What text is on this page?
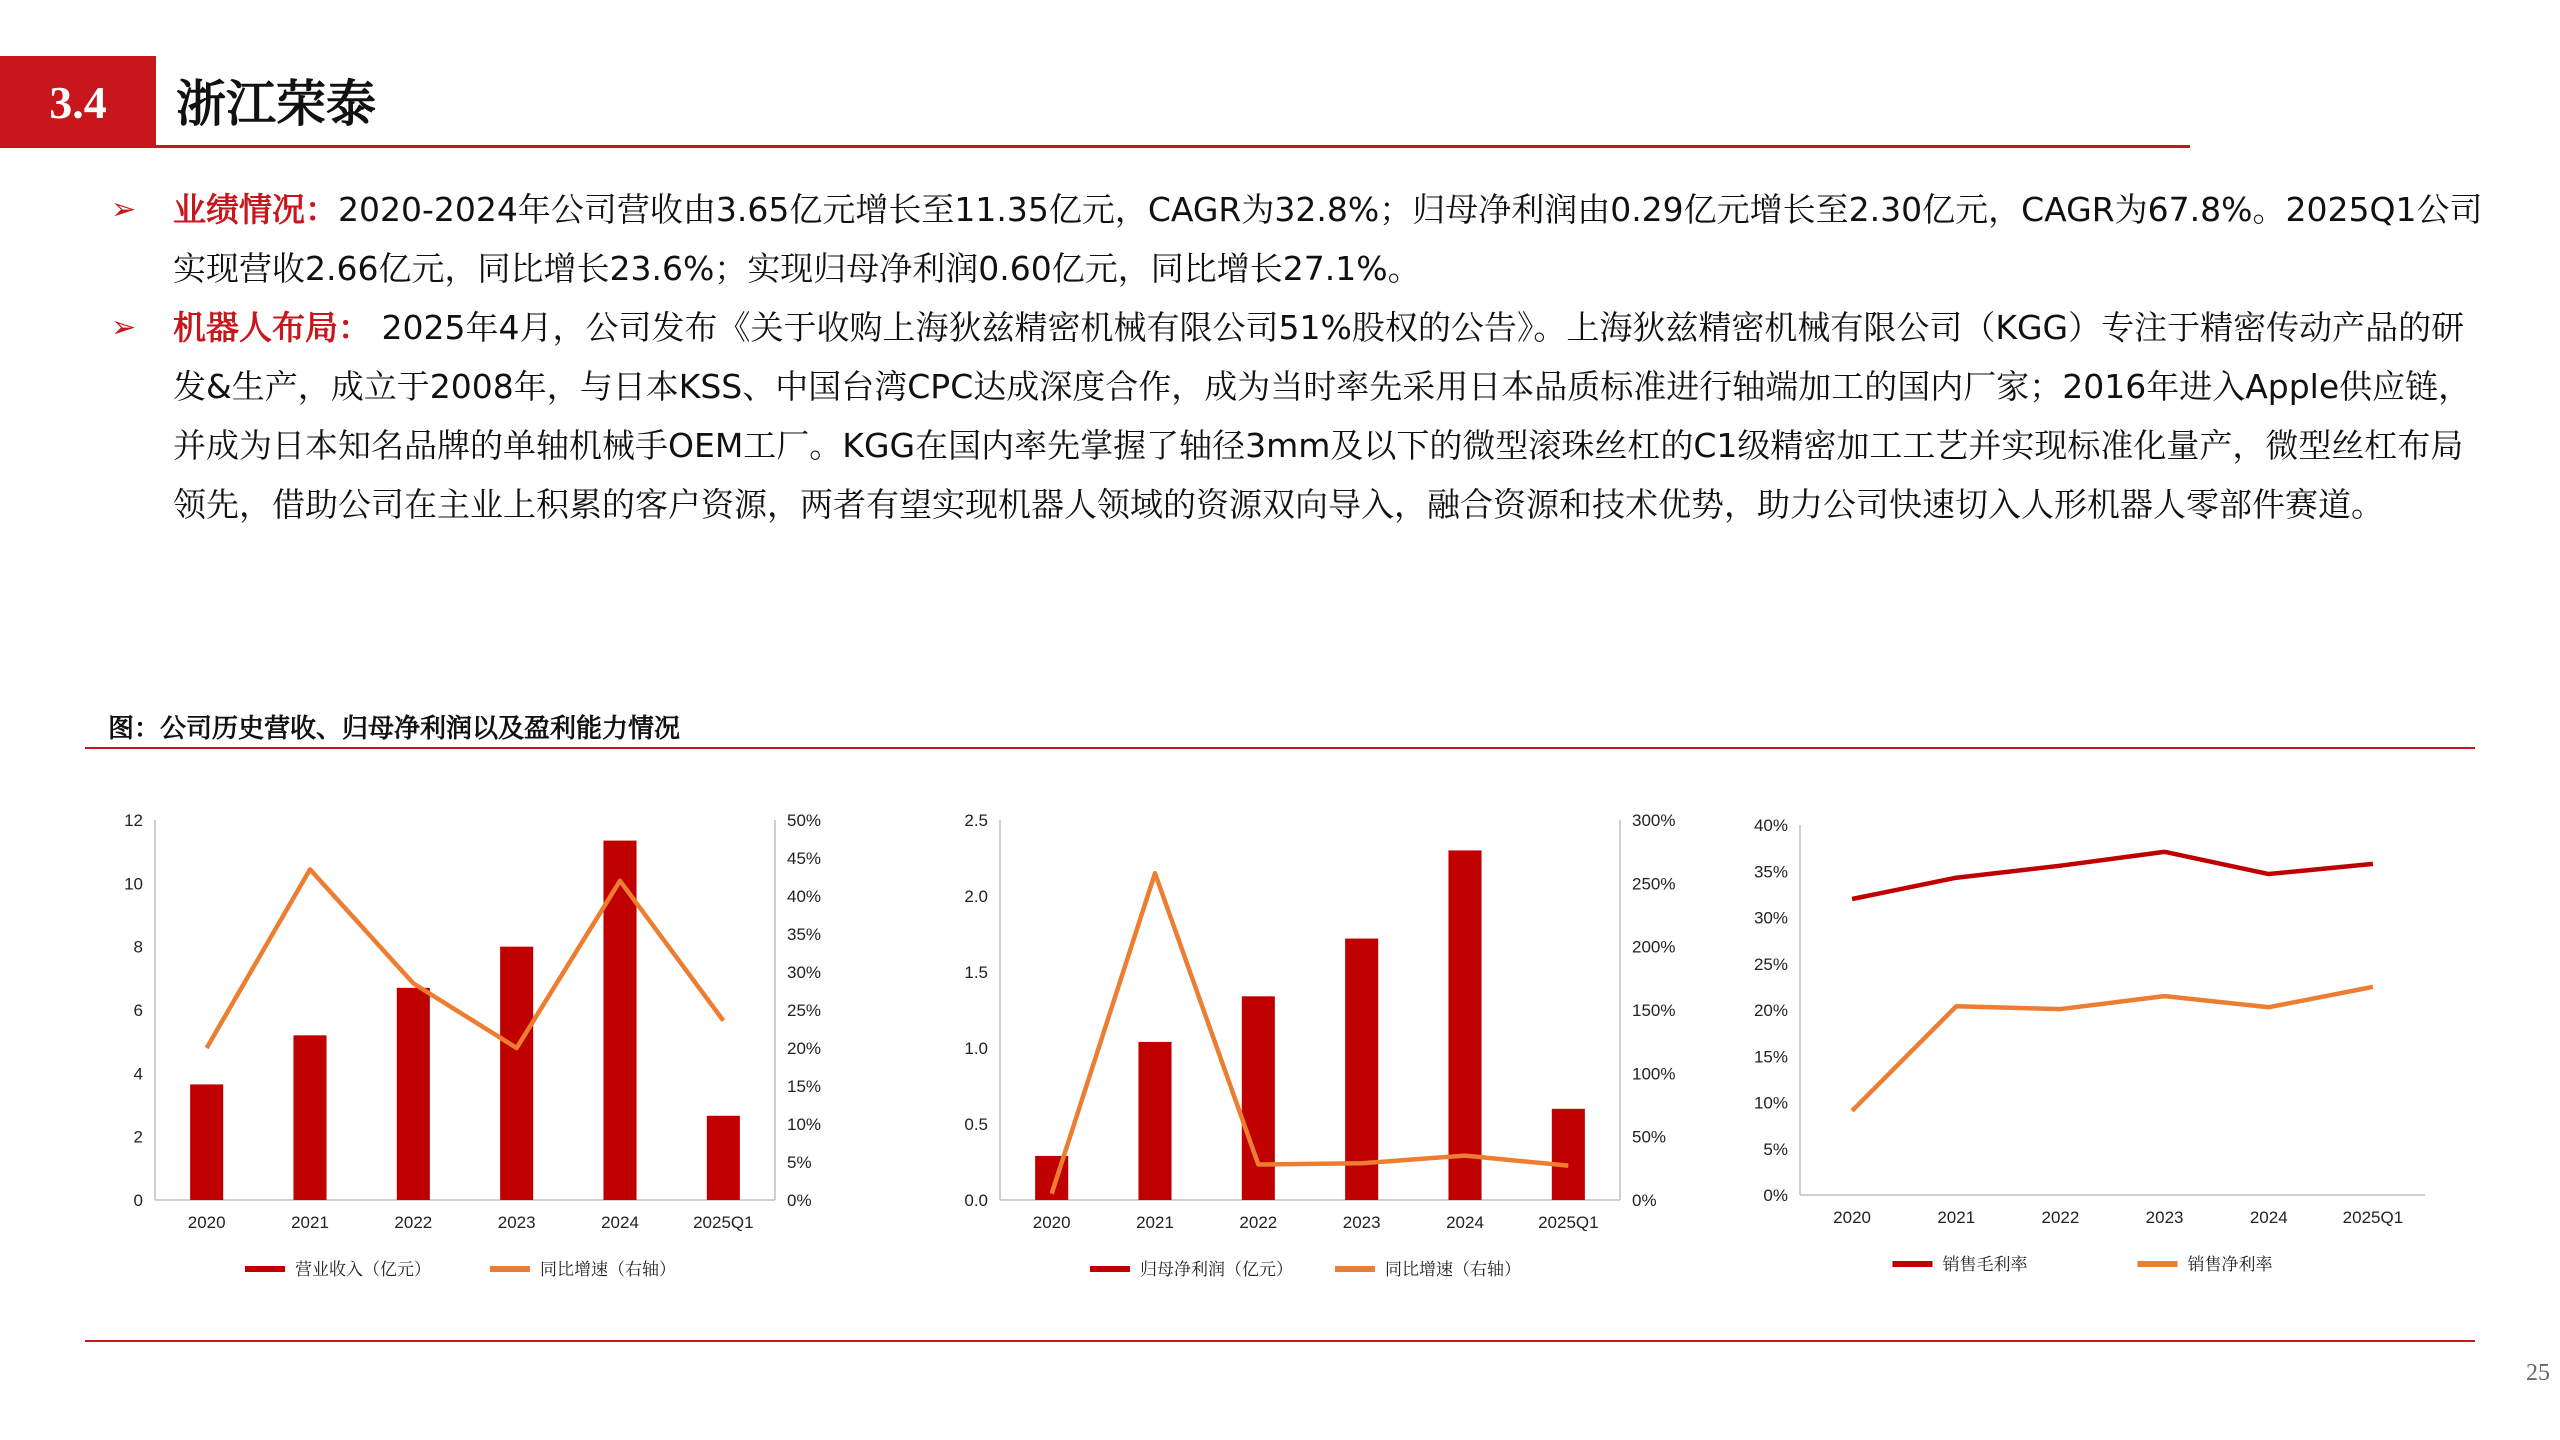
3.4 浙江荣泰
➢ 业绩情况：2020-2024年公司营收由3.65亿元增长至11.35亿元，CAGR为32.8%；归母净利润由0.29亿元增长至2.30亿元，CAGR为67.8%。2025Q1公司实现营收2.66亿元，同比增长23.6%；实现归母净利润0.60亿元，同比增长27.1%。
➢ 机器人布局： 2025年4月，公司发布《关于收购上海狄兹精密机械有限公司51%股权的公告》。上海狄兹精密机械有限公司（KGG）专注于精密传动产品的研发&生产，成立于2008年，与日本KSS、中国台湾CPC达成深度合作，成为当时率先采用日本品质标准进行轴端加工的国内厂家；2016年进入Apple供应链，并成为日本知名品牌的单轴机械手OEM工厂。KGG在国内率先掌握了轴径3mm及以下的微型滚珠丝杠的C1级精密加工工艺并实现标准化量产，微型丝杠布局领先，借助公司在主业上积累的客户资源，两者有望实现机器人领域的资源双向导入，融合资源和技术优势，助力公司快速切入人形机器人零部件赛道。
图：公司历史营收、归母净利润以及盈利能力情况
0
2
4
6
8
10
12
0%
5%
10%
15%
20%
25%
30%
35%
40%
45%
50%
2020	2021	2022	2023	2024	2025Q1
营业收入（亿元）	同比增速（右轴）
0.0
0.5
1.0
1.5
2.0
2.5
0%
50%
100%
150%
200%
250%
300%
2020	2021	2022	2023	2024	2025Q1
归母净利润（亿元）	同比增速（右轴）
0%
5%
10%
15%
20%
25%
30%
35%
40%
2020	2021	2022	2023	2024	2025Q1
销售毛利率	销售净利率
25
